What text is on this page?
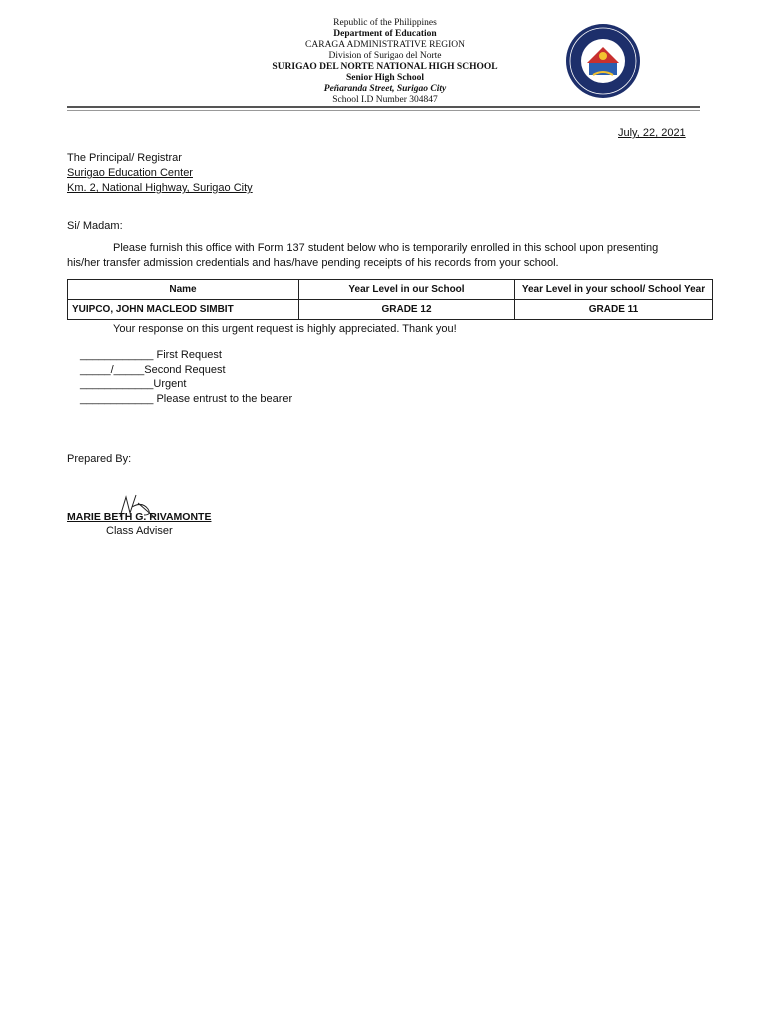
Republic of the Philippines
Department of Education
CARAGA ADMINISTRATIVE REGION
Division of Surigao del Norte
SURIGAO DEL NORTE NATIONAL HIGH SCHOOL
Senior High School
Peñaranda Street, Surigao City
School I.D Number 304847
July, 22, 2021
The Principal/ Registrar
Surigao Education Center
Km. 2, National Highway, Surigao City
Si/ Madam:
Please furnish this office with Form 137 student below who is temporarily enrolled in this school upon presenting
his/her transfer admission credentials and has/have pending receipts of his records from your school.
Name	Year Level in our School	Year Level in your school/ School Year
YUIPCO, JOHN MACLEOD SIMBIT	GRADE 12	GRADE 11
Your response on this urgent request is highly appreciated. Thank you!
____________ First Request
_____/_____Second Request
____________Urgent
____________ Please entrust to the bearer
Prepared By:
MARIE BETH G. RIVAMONTE
Class Adviser
